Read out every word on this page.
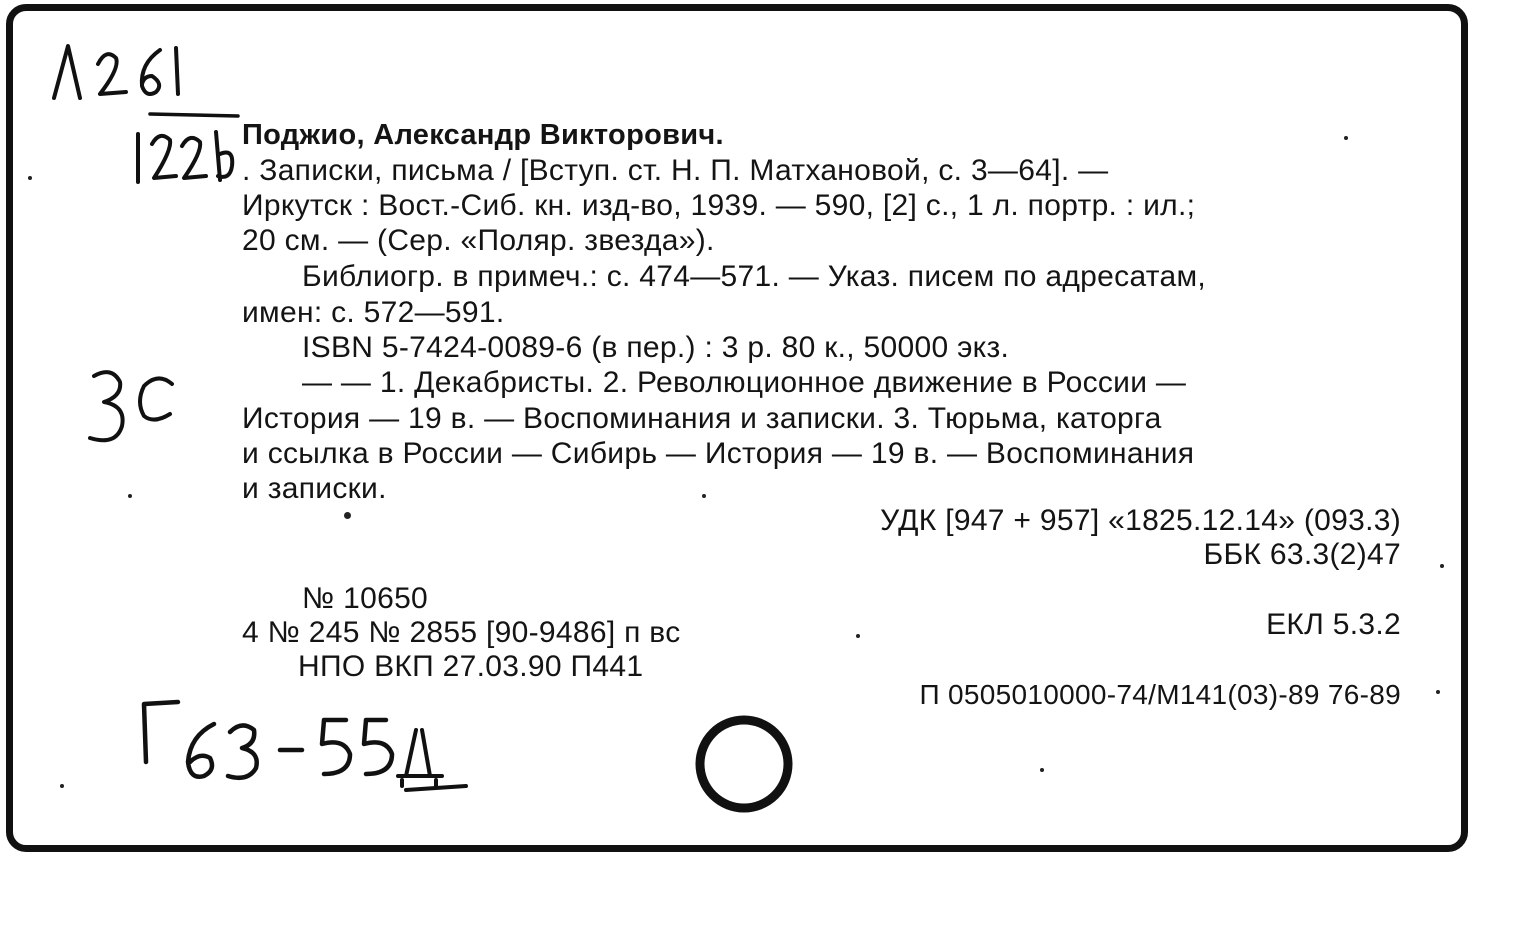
Поджио, Александр Викторович.
. Записки, письма / [Вступ. ст. Н. П. Матхановой, с. 3—64]. —
Иркутск : Вост.-Сиб. кн. изд-во, 1939. — 590, [2] с., 1 л. портр. : ил.;
20 см. — (Сер. «Поляр. звезда»).
Библиогр. в примеч.: с. 474—571. — Указ. писем по адресатам,
имен: с. 572—591.
ISBN 5-7424-0089-6 (в пер.) : 3 р. 80 к., 50000 экз.
— — 1. Декабристы. 2. Революционное движение в России —
История — 19 в. — Воспоминания и записки. 3. Тюрьма, каторга
и ссылка в России — Сибирь — История — 19 в. — Воспоминания
и записки.
УДК [947 + 957] «1825.12.14» (093.3)
ББК 63.3(2)47
ЕКЛ 5.3.2
П 0505010000-74/М141(03)-89 76-89
№ 10650
4 № 245 № 2855 [90-9486] п вс
НПО ВКП 27.03.90 П441
